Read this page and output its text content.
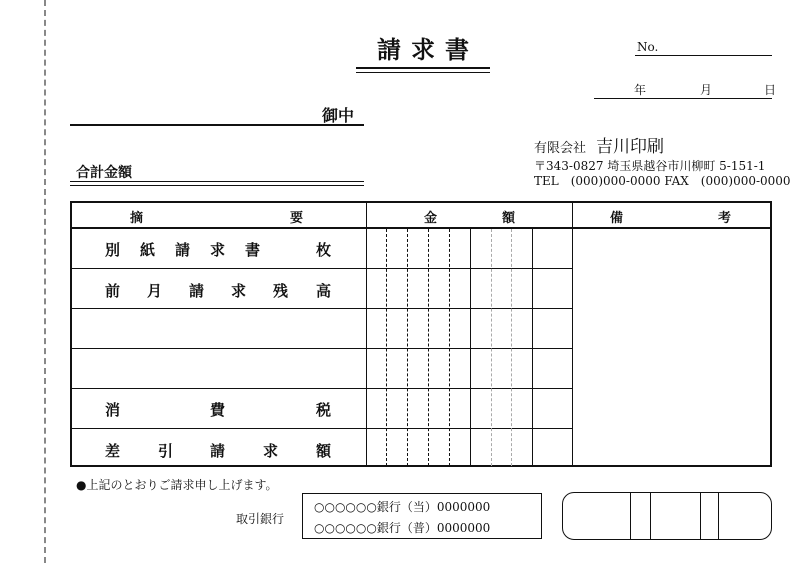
請求書	No.
年	月	日
御中
合計金額
有限会社 吉川印刷
〒343-0827 埼玉県越谷市川柳町 5-151-1
TEL　(000)000-0000 FAX　(000)000-0000
摘	要	金	額	備	考
別 紙 請 求 書	枚
前 月 請 求 残 高
消	費	税
差	引 請	求	額
●上記のとおりご請求申し上げます。
取引銀行
○○○○○○銀行（当）0000000
○○○○○○銀行（普）0000000
